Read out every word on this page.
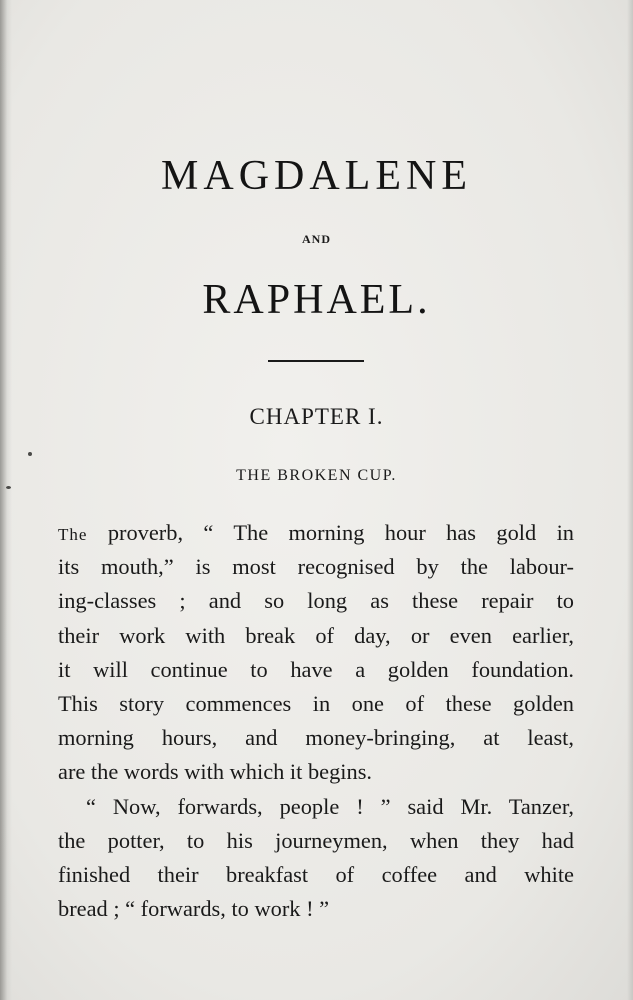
MAGDALENE
AND
RAPHAEL.
CHAPTER I.
THE BROKEN CUP.
The proverb, “ The morning hour has gold in
its mouth,” is most recognised by the labour-
ing-classes ; and so long as these repair to
their work with break of day, or even earlier,
it will continue to have a golden foundation.
This story commences in one of these golden
morning hours, and money-bringing, at least,
are the words with which it begins.
“ Now, forwards, people ! ” said Mr. Tanzer,
the potter, to his journeymen, when they had
finished their breakfast of coffee and white
bread ; “ forwards, to work ! ”
